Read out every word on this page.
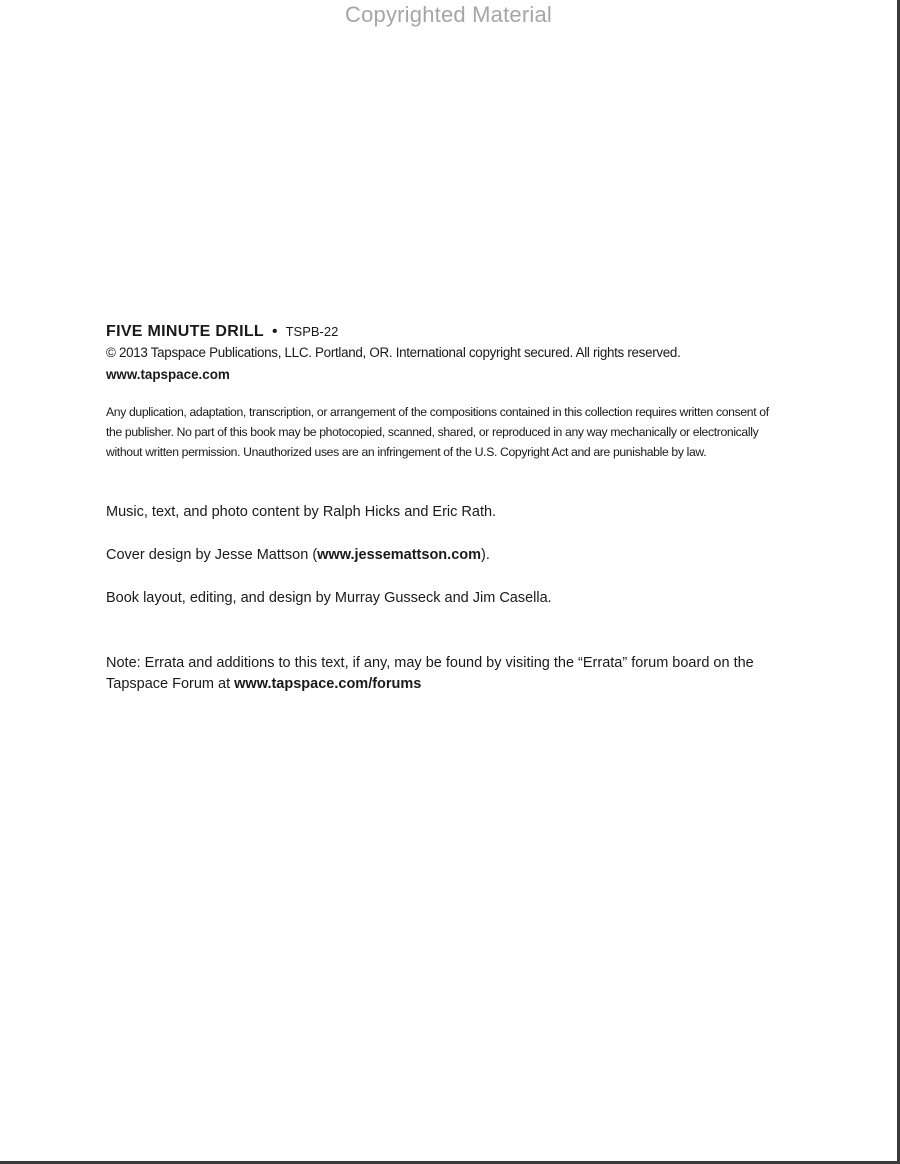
Copyrighted Material

FIVE MINUTE DRILL • TSPB-22

© 2013 Tapspace Publications, LLC. Portland, OR. International copyright secured. All rights reserved.

www.tapspace.com

Any duplication, adaptation, transcription, or arrangement of the compositions contained in this collection requires written consent of the publisher. No part of this book may be photocopied, scanned, shared, or reproduced in any way mechanically or electronically without written permission. Unauthorized uses are an infringement of the U.S. Copyright Act and are punishable by law.

Music, text, and photo content by Ralph Hicks and Eric Rath.

Cover design by Jesse Mattson (www.jessemattson.com).

Book layout, editing, and design by Murray Gusseck and Jim Casella.

Note: Errata and additions to this text, if any, may be found by visiting the “Errata” forum board on the Tapspace Forum at www.tapspace.com/forums
